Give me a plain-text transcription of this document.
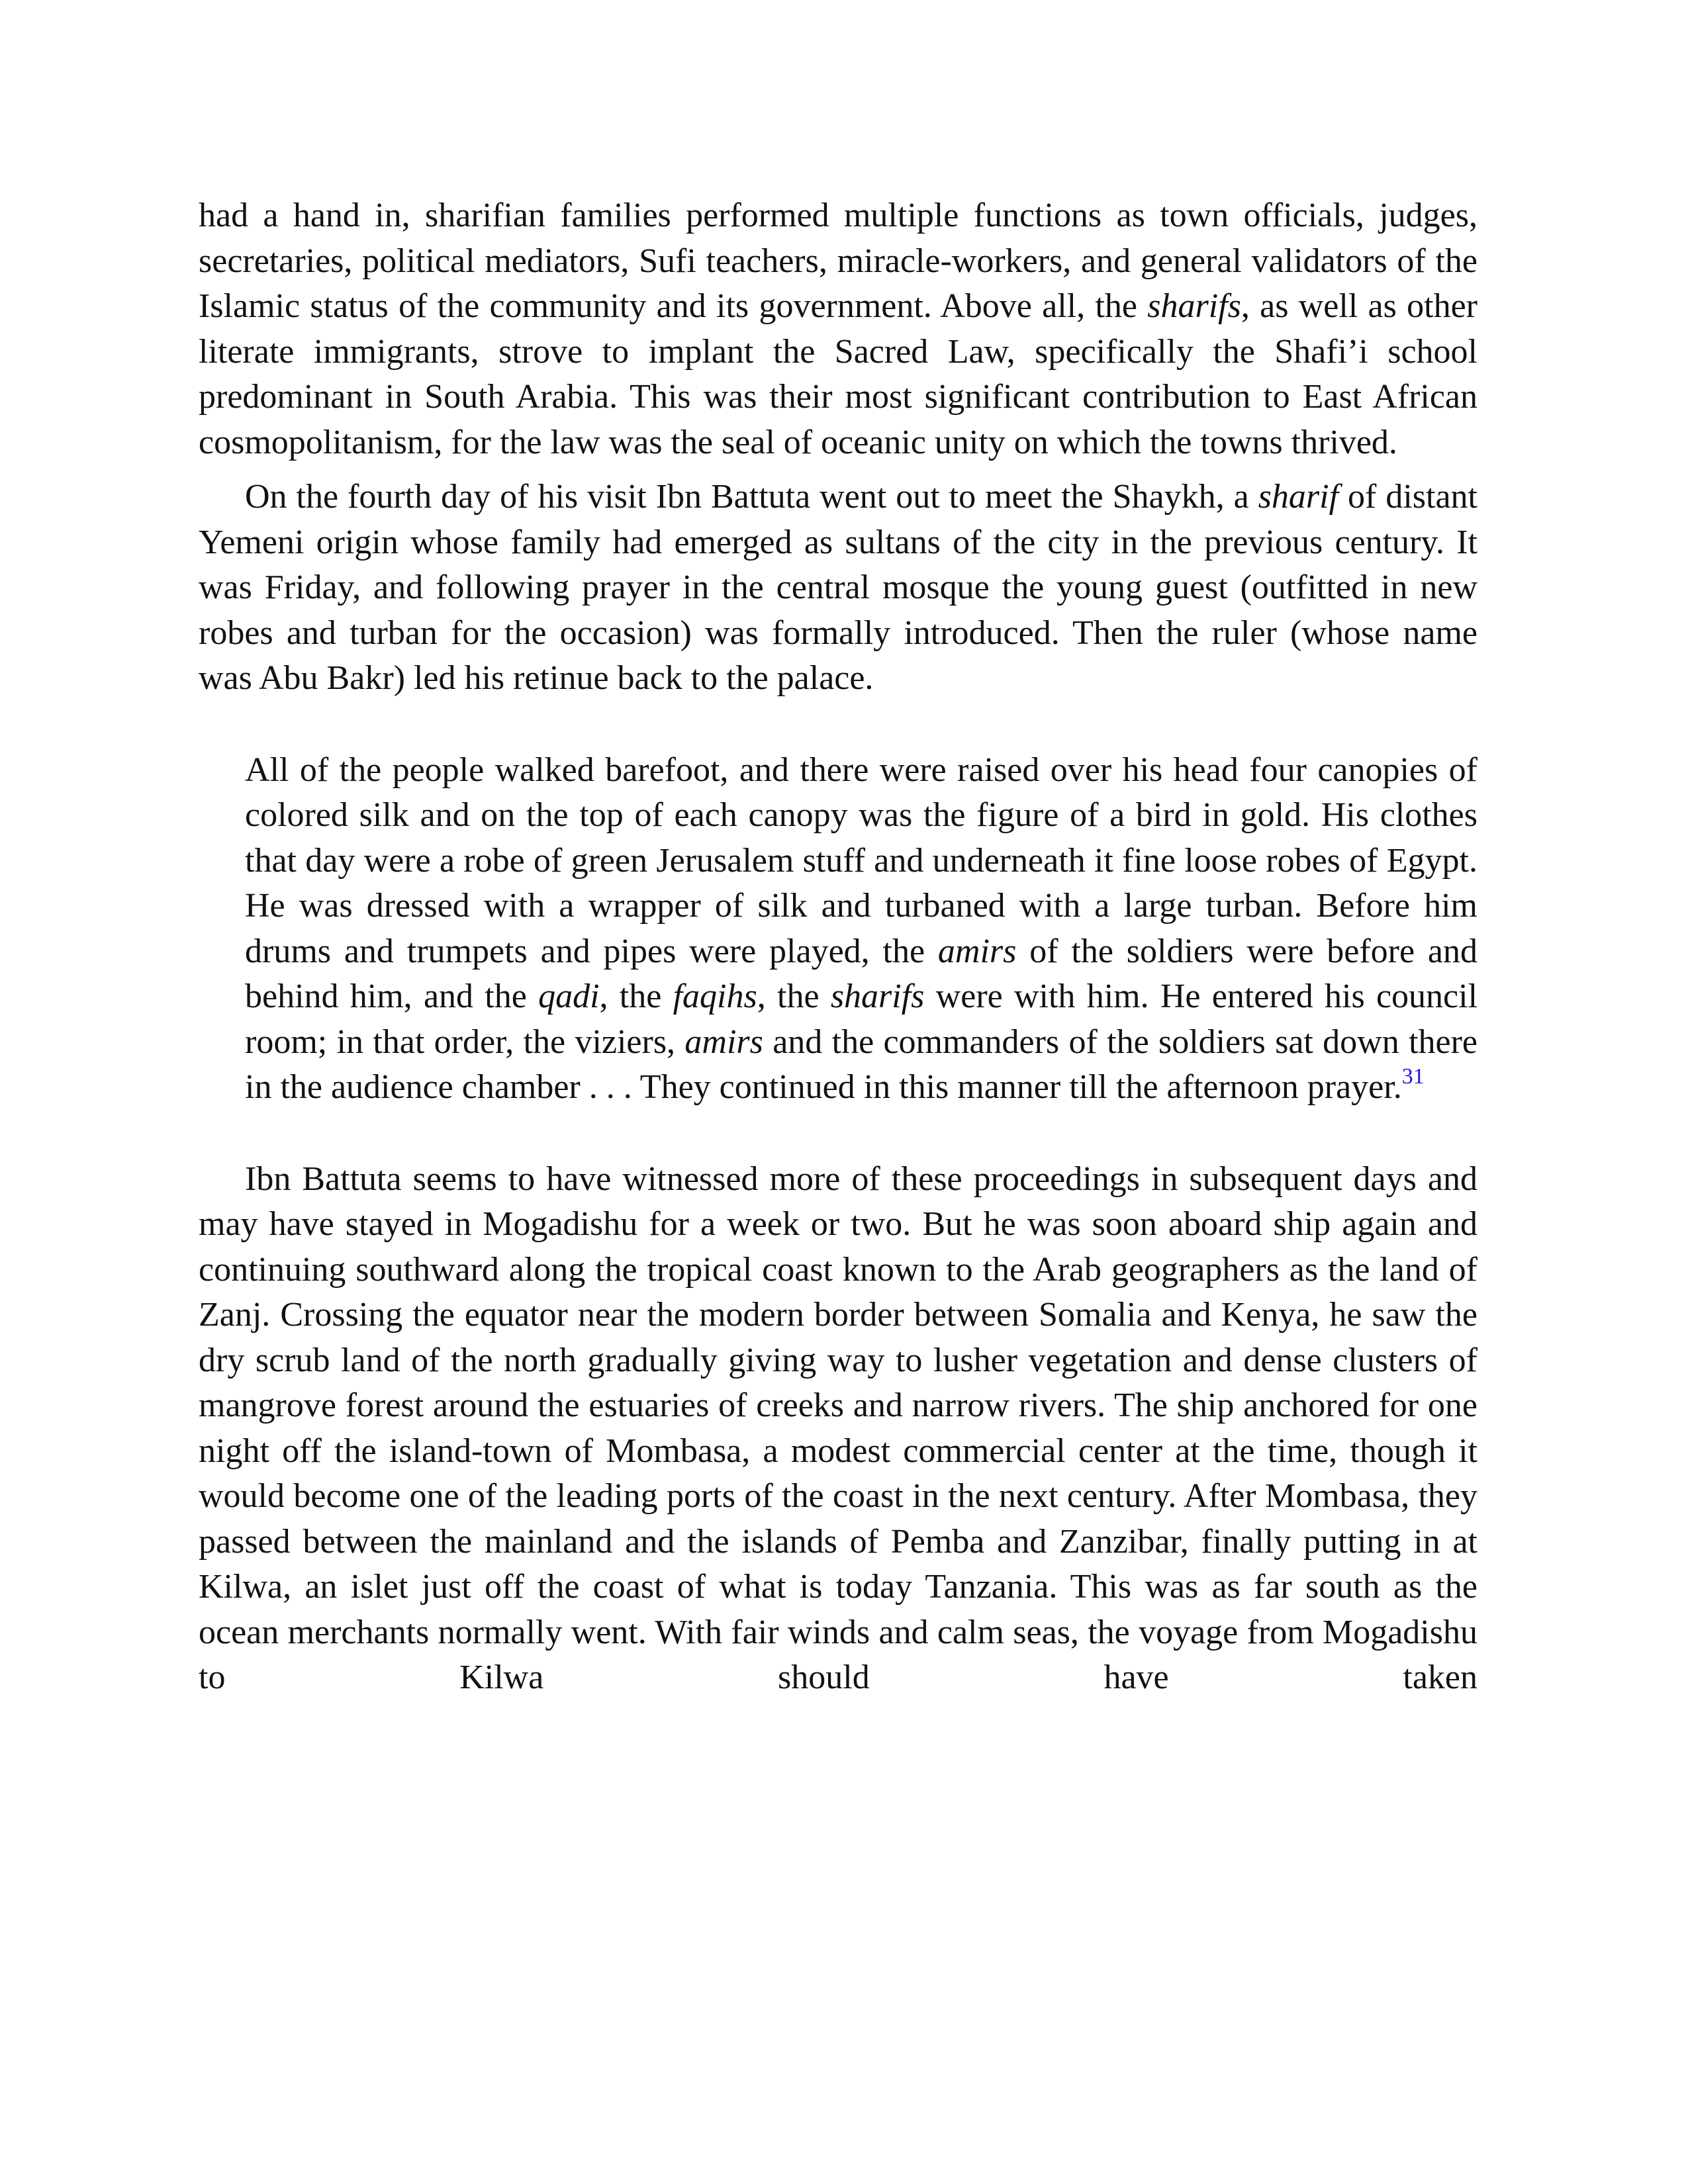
had a hand in, sharifian families performed multiple functions as town officials, judges, secretaries, political mediators, Sufi teachers, miracle-workers, and general validators of the Islamic status of the community and its government. Above all, the sharifs, as well as other literate immigrants, strove to implant the Sacred Law, specifically the Shafi’i school predominant in South Arabia. This was their most significant contribution to East African cosmopolitanism, for the law was the seal of oceanic unity on which the towns thrived.

On the fourth day of his visit Ibn Battuta went out to meet the Shaykh, a sharif of distant Yemeni origin whose family had emerged as sultans of the city in the previous century. It was Friday, and following prayer in the central mosque the young guest (outfitted in new robes and turban for the occasion) was formally introduced. Then the ruler (whose name was Abu Bakr) led his retinue back to the palace.

All of the people walked barefoot, and there were raised over his head four canopies of colored silk and on the top of each canopy was the figure of a bird in gold. His clothes that day were a robe of green Jerusalem stuff and underneath it fine loose robes of Egypt. He was dressed with a wrapper of silk and turbaned with a large turban. Before him drums and trumpets and pipes were played, the amirs of the soldiers were before and behind him, and the qadi, the faqihs, the sharifs were with him. He entered his council room; in that order, the viziers, amirs and the commanders of the soldiers sat down there in the audience chamber . . . They continued in this manner till the afternoon prayer.$^{31}$

Ibn Battuta seems to have witnessed more of these proceedings in subsequent days and may have stayed in Mogadishu for a week or two. But he was soon aboard ship again and continuing southward along the tropical coast known to the Arab geographers as the land of Zanj. Crossing the equator near the modern border between Somalia and Kenya, he saw the dry scrub land of the north gradually giving way to lusher vegetation and dense clusters of mangrove forest around the estuaries of creeks and narrow rivers. The ship anchored for one night off the island-town of Mombasa, a modest commercial center at the time, though it would become one of the leading ports of the coast in the next century. After Mombasa, they passed between the mainland and the islands of Pemba and Zanzibar, finally putting in at Kilwa, an islet just off the coast of what is today Tanzania. This was as far south as the ocean merchants normally went. With fair winds and calm seas, the voyage from Mogadishu to Kilwa should have taken
